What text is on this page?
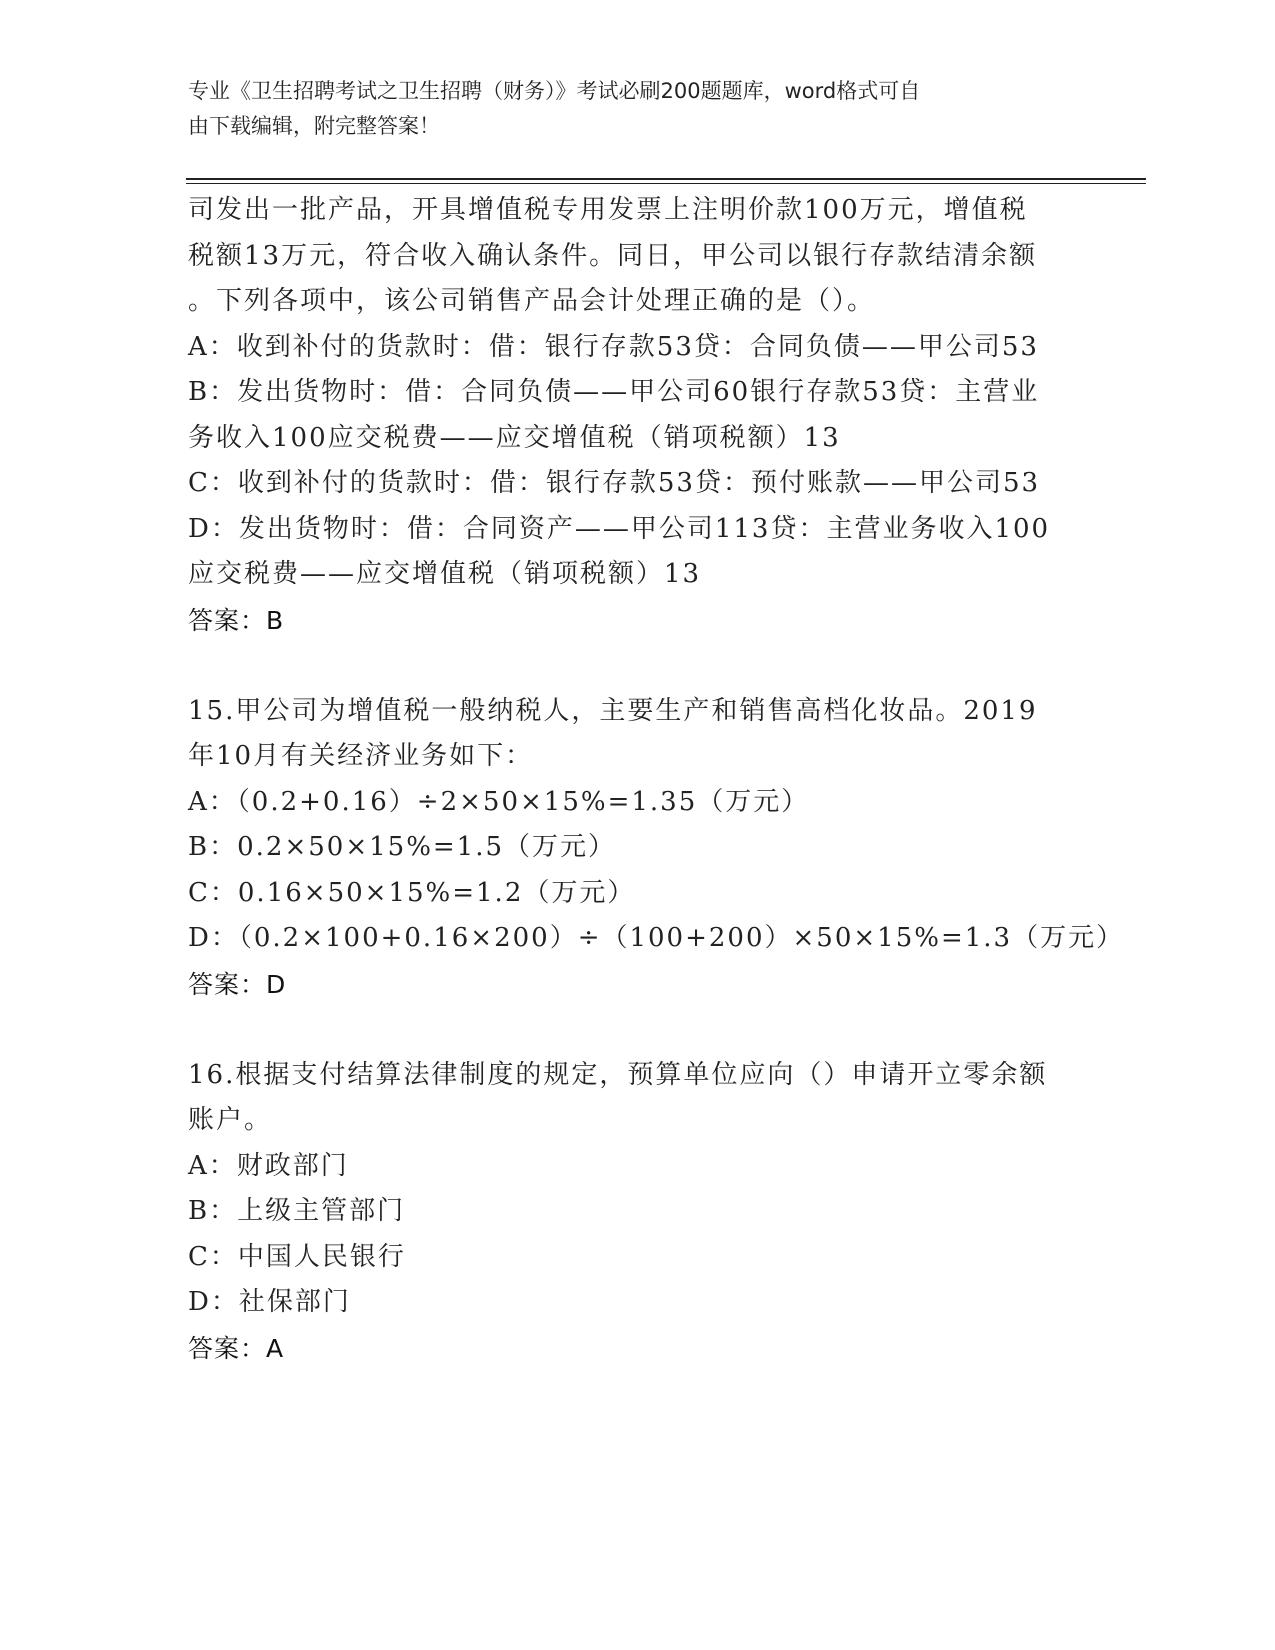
专业《卫生招聘考试之卫生招聘（财务）》考试必刷200题题库，word格式可自
由下载编辑，附完整答案！
司发出一批产品，开具增值税专用发票上注明价款100万元，增值税
税额13万元，符合收入确认条件。同日，甲公司以银行存款结清余额
。下列各项中，该公司销售产品会计处理正确的是（）。
A：收到补付的货款时：借：银行存款53贷：合同负债——甲公司53
B：发出货物时：借：合同负债——甲公司60银行存款53贷：主营业
务收入100应交税费——应交增值税（销项税额）13
C：收到补付的货款时：借：银行存款53贷：预付账款——甲公司53
D：发出货物时：借：合同资产——甲公司113贷：主营业务收入100
应交税费——应交增值税（销项税额）13
答案：B
15.甲公司为增值税一般纳税人，主要生产和销售高档化妆品。2019
年10月有关经济业务如下：
A：（0.2+0.16）÷2×50×15%=1.35（万元）
B：0.2×50×15%=1.5（万元）
C：0.16×50×15%=1.2（万元）
D：（0.2×100+0.16×200）÷（100+200）×50×15%=1.3（万元）
答案：D
16.根据支付结算法律制度的规定，预算单位应向（）申请开立零余额
账户。
A：财政部门
B：上级主管部门
C：中国人民银行
D：社保部门
答案：A
